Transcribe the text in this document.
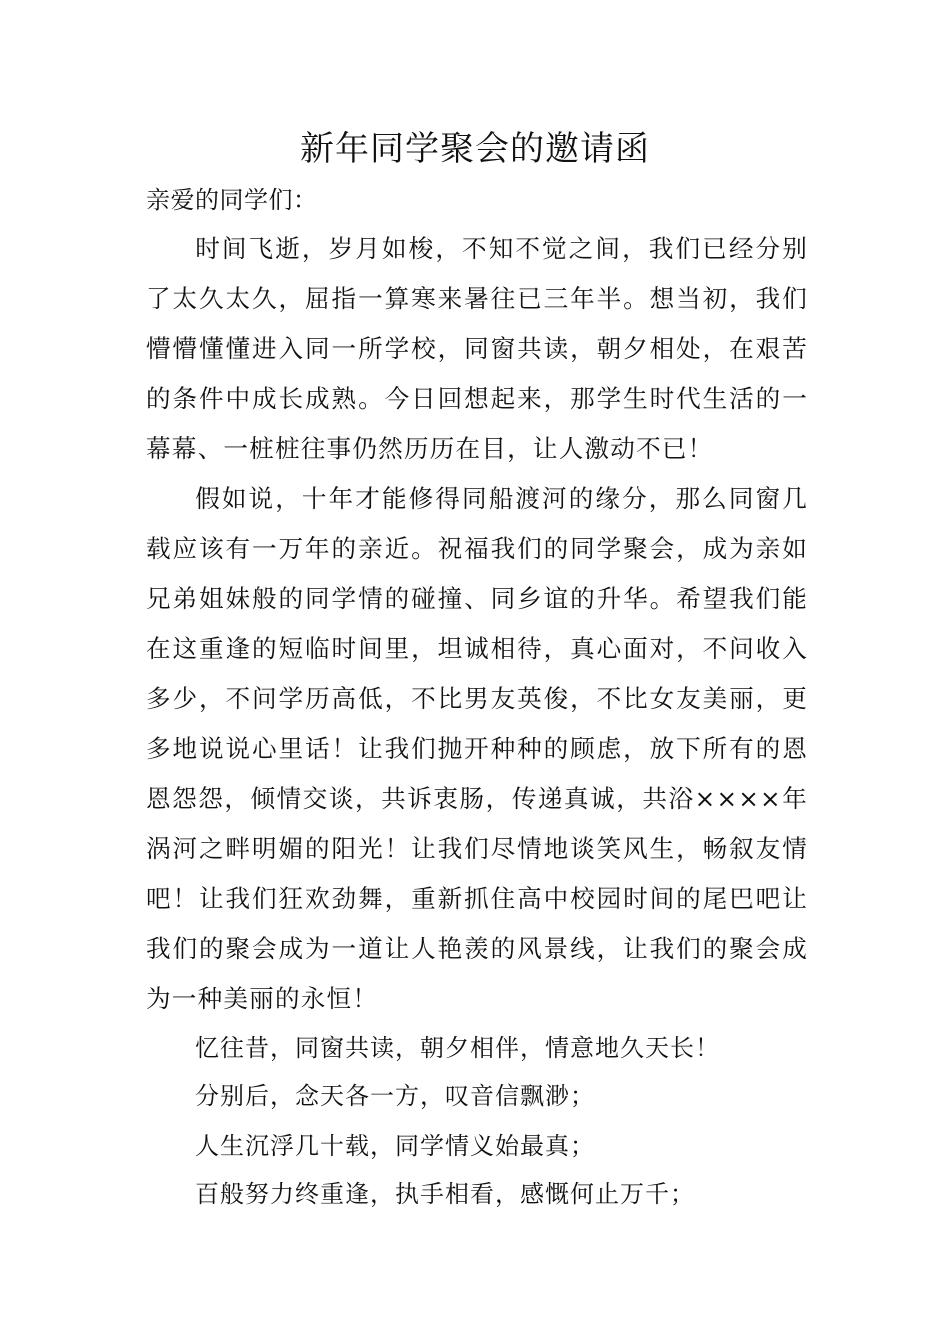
新年同学聚会的邀请函

亲爱的同学们：

时间飞逝，岁月如梭，不知不觉之间，我们已经分别了太久太久，屈指一算寒来暑往已三年半。想当初，我们懵懵懂懂进入同一所学校，同窗共读，朝夕相处，在艰苦的条件中成长成熟。今日回想起来，那学生时代生活的一幕幕、一桩桩往事仍然历历在目，让人激动不已！

假如说，十年才能修得同船渡河的缘分，那么同窗几载应该有一万年的亲近。祝福我们的同学聚会，成为亲如兄弟姐妹般的同学情的碰撞、同乡谊的升华。希望我们能在这重逢的短临时间里，坦诚相待，真心面对，不问收入多少，不问学历高低，不比男友英俊，不比女友美丽，更多地说说心里话！让我们抛开种种的顾虑，放下所有的恩恩怨怨，倾情交谈，共诉衷肠，传递真诚，共浴××××年涡河之畔明媚的阳光！让我们尽情地谈笑风生，畅叙友情吧！让我们狂欢劲舞，重新抓住高中校园时间的尾巴吧让我们的聚会成为一道让人艳羡的风景线，让我们的聚会成为一种美丽的永恒！

忆往昔，同窗共读，朝夕相伴，情意地久天长！

分别后，念天各一方，叹音信飘渺；

人生沉浮几十载，同学情义始最真；

百般努力终重逢，执手相看，感慨何止万千；
